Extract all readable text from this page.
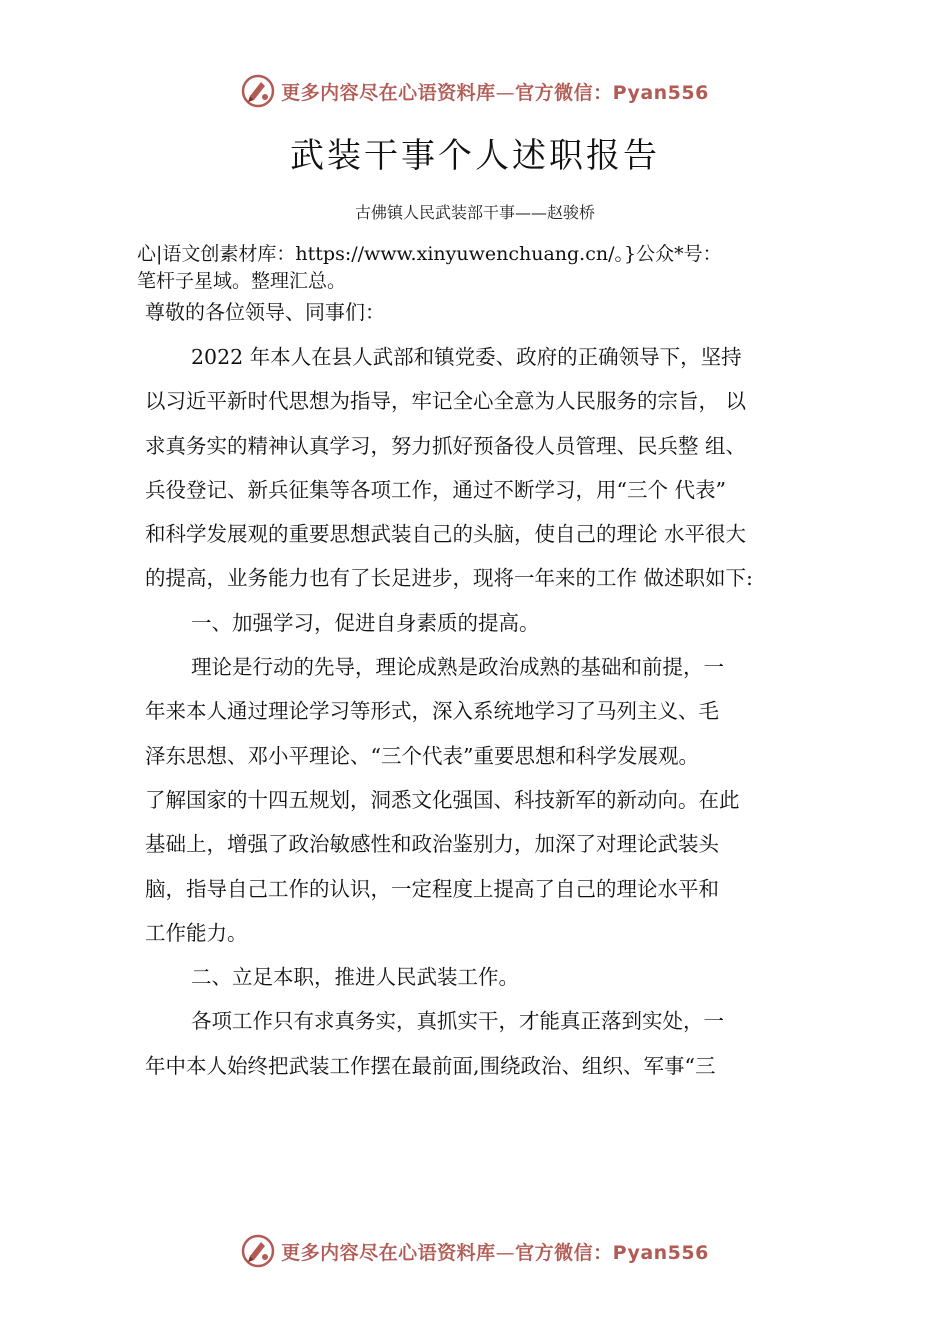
更多内容尽在心语资料库—官方微信：Pyan556
武装干事个人述职报告
古佛镇人民武装部干事——赵骏桥
心|语文创素材库：https://www.xinyuwenchuang.cn/。}公众*号：
笔杆子星域。整理汇总。
尊敬的各位领导、同事们：
2022 年本人在县人武部和镇党委、政府的正确领导下，坚持
以习近平新时代思想为指导，牢记全心全意为人民服务的宗旨， 以
求真务实的精神认真学习，努力抓好预备役人员管理、民兵整 组、
兵役登记、新兵征集等各项工作，通过不断学习，用“三个 代表”
和科学发展观的重要思想武装自己的头脑，使自己的理论 水平很大
的提高，业务能力也有了长足进步，现将一年来的工作 做述职如下:
一、加强学习，促进自身素质的提高。
理论是行动的先导，理论成熟是政治成熟的基础和前提，一
年来本人通过理论学习等形式，深入系统地学习了马列主义、毛
泽东思想、邓小平理论、“三个代表”重要思想和科学发展观。
了解国家的十四五规划，洞悉文化强国、科技新军的新动向。在此
基础上，增强了政治敏感性和政治鉴别力，加深了对理论武装头
脑，指导自己工作的认识，一定程度上提高了自己的理论水平和
工作能力。
二、立足本职，推进人民武装工作。
各项工作只有求真务实，真抓实干，才能真正落到实处，一
年中本人始终把武装工作摆在最前面,围绕政治、组织、军事“三
更多内容尽在心语资料库—官方微信：Pyan556
